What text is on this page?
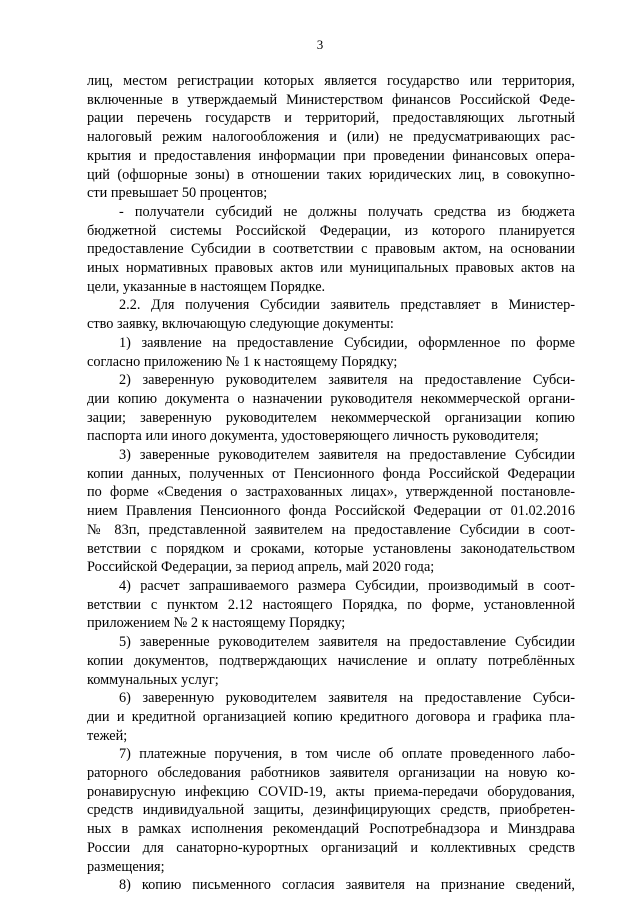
3
лиц, местом регистрации которых является государство или территория,
включенные в утверждаемый Министерством финансов Российской Феде-
рации перечень государств и территорий, предоставляющих льготный
налоговый режим налогообложения и (или) не предусматривающих рас-
крытия и предоставления информации при проведении финансовых опера-
ций (офшорные зоны) в отношении таких юридических лиц, в совокупно-
сти превышает 50 процентов;
- получатели субсидий не должны получать средства из бюджета
бюджетной системы Российской Федерации, из которого планируется
предоставление Субсидии в соответствии с правовым актом, на основании
иных нормативных правовых актов или муниципальных правовых актов на
цели, указанные в настоящем Порядке.
2.2. Для получения Субсидии заявитель представляет в Министер-
ство заявку, включающую следующие документы:
1) заявление на предоставление Субсидии, оформленное по форме
согласно приложению № 1 к настоящему Порядку;
2) заверенную руководителем заявителя на предоставление Субси-
дии копию документа о назначении руководителя некоммерческой органи-
зации; заверенную руководителем некоммерческой организации копию
паспорта или иного документа, удостоверяющего личность руководителя;
3) заверенные руководителем заявителя на предоставление Субсидии
копии данных, полученных от Пенсионного фонда Российской Федерации
по форме «Сведения о застрахованных лицах», утвержденной постановле-
нием Правления Пенсионного фонда Российской Федерации от 01.02.2016
№ 83п, представленной заявителем на предоставление Субсидии в соот-
ветствии с порядком и сроками, которые установлены законодательством
Российской Федерации, за период апрель, май 2020 года;
4) расчет запрашиваемого размера Субсидии, производимый в соот-
ветствии с пунктом 2.12 настоящего Порядка, по форме, установленной
приложением № 2 к настоящему Порядку;
5) заверенные руководителем заявителя на предоставление Субсидии
копии документов, подтверждающих начисление и оплату потреблённых
коммунальных услуг;
6) заверенную руководителем заявителя на предоставление Субси-
дии и кредитной организацией копию кредитного договора и графика пла-
тежей;
7) платежные поручения, в том числе об оплате проведенного лабо-
раторного обследования работников заявителя организации на новую ко-
ронавирусную инфекцию COVID-19, акты приема-передачи оборудования,
средств индивидуальной защиты, дезинфицирующих средств, приобретен-
ных в рамках исполнения рекомендаций Роспотребнадзора и Минздрава
России для санаторно-курортных организаций и коллективных средств
размещения;
8) копию письменного согласия заявителя на признание сведений,
